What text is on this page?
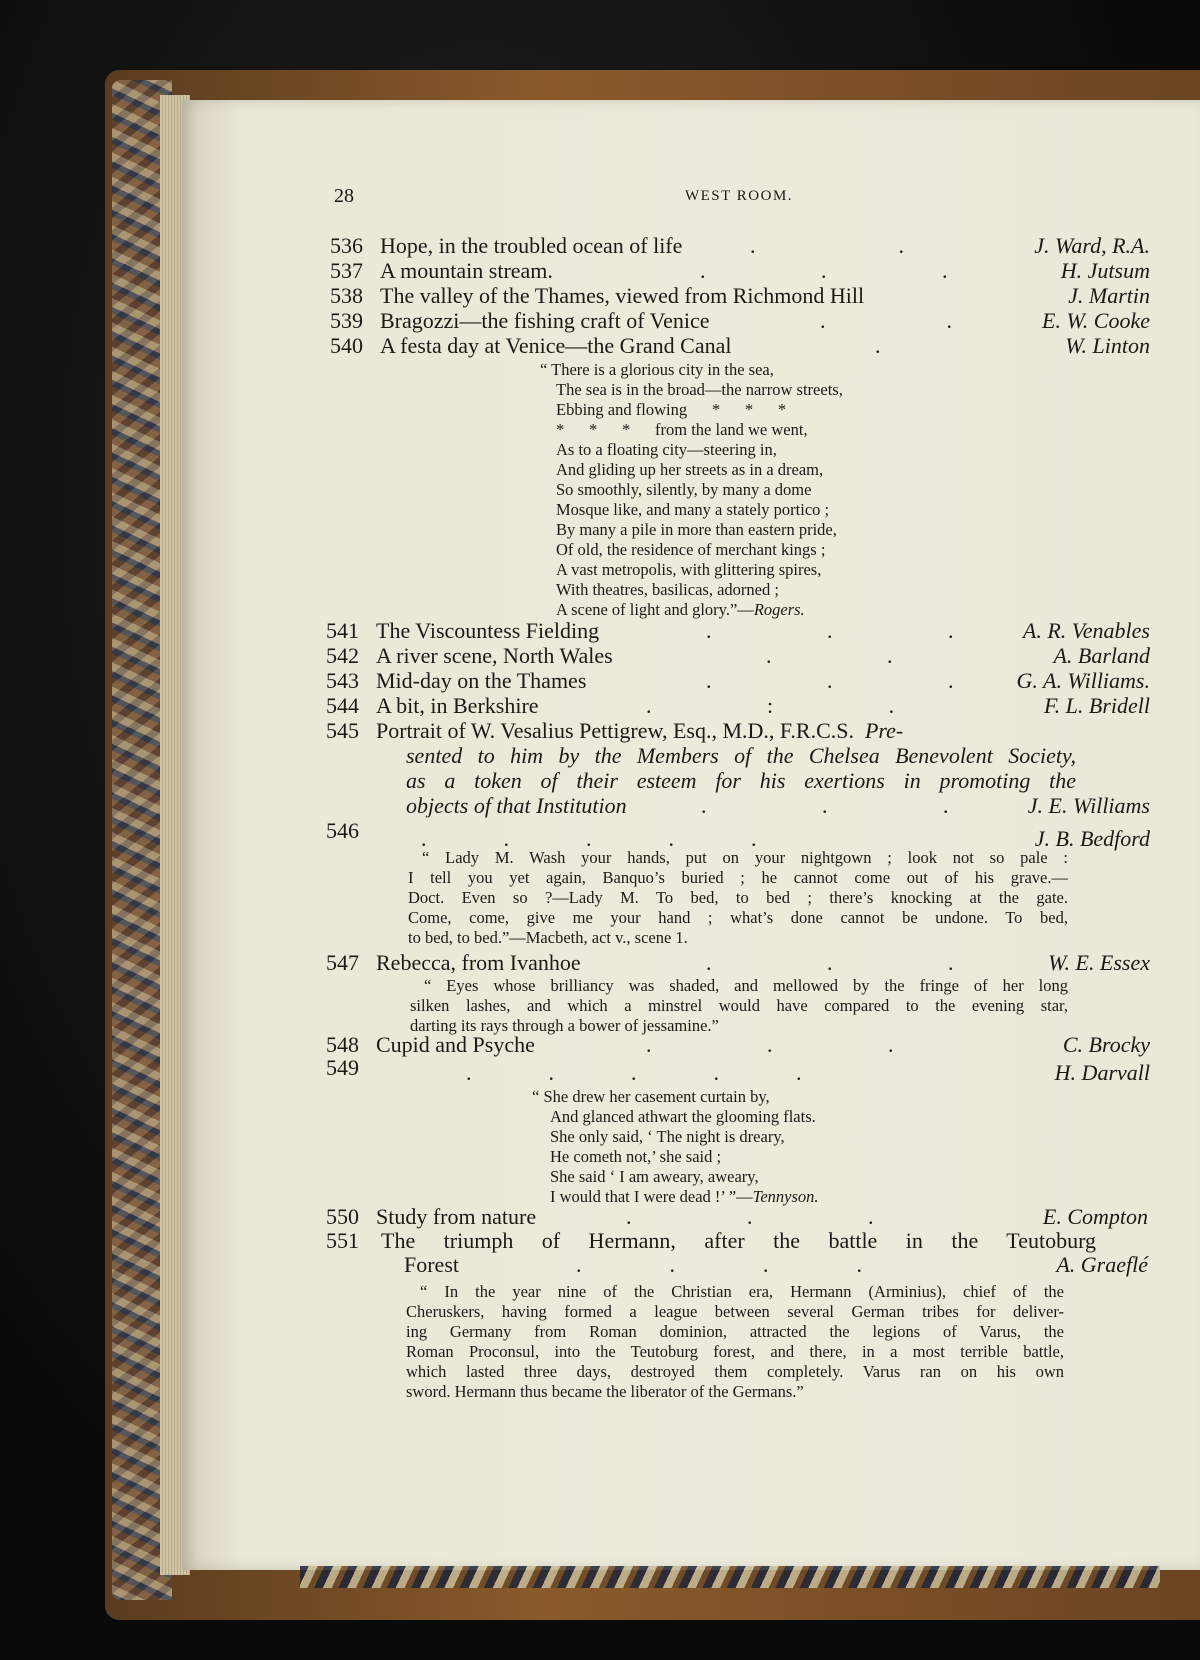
28	WEST ROOM.
536 Hope, in the troubled ocean of life	.                          .	J. Ward, R.A.
537 A mountain stream.	.                     .                     .	H. Jutsum
538 The valley of the Thames, viewed from Richmond Hill	J. Martin
539 Bragozzi—the fishing craft of Venice	.                      .	E. W. Cooke
540 A festa day at Venice—the Grand Canal	.	W. Linton
“ There is a glorious city in the sea,
The sea is in the broad—the narrow streets,
Ebbing and flowing      *      *      *
*      *      *      from the land we went,
As to a floating city—steering in,
And gliding up her streets as in a dream,
So smoothly, silently, by many a dome
Mosque like, and many a stately portico ;
By many a pile in more than eastern pride,
Of old, the residence of merchant kings ;
A vast metropolis, with glittering spires,
With theatres, basilicas, adorned ;
A scene of light and glory.”—Rogers.
541 The Viscountess Fielding	.                     .                     .	A. R. Venables
542 A river scene, North Wales	.                     .	A. Barland
543 Mid-day on the Thames	.                     .                     .	G. A. Williams.
544 A bit, in Berkshire	.                     :                     .	F. L. Bridell
545 Portrait of W. Vesalius Pettigrew, Esq., M.D., F.R.C.S. Pre-
sented to him by the Members of the Chelsea Benevolent Society,
as a token of their esteem for his exertions in promoting the
objects of that Institution	.                     .                     .	J. E. Williams
546	.              .              .              .              .	J. B. Bedford
“ Lady M. Wash your hands, put on your nightgown ; look not so pale :
I tell you yet again, Banquo’s buried ; he cannot come out of his grave.—
Doct. Even so ?—Lady M. To bed, to bed ; there’s knocking at the gate.
Come, come, give me your hand ; what’s done cannot be undone. To bed,
to bed, to bed.”—Macbeth, act v., scene 1.
547 Rebecca, from Ivanhoe	.                     .                     .	W. E. Essex
“ Eyes whose brilliancy was shaded, and mellowed by the fringe of her long
silken lashes, and which a minstrel would have compared to the evening star,
darting its rays through a bower of jessamine.”
548 Cupid and Psyche	.                     .                     .	C. Brocky
549	.              .              .              .              .	H. Darvall
“ She drew her casement curtain by,
And glanced athwart the glooming flats.
She only said, ‘ The night is dreary,
He cometh not,’ she said ;
She said ‘ I am aweary, aweary,
I would that I were dead !’ ”—Tennyson.
550 Study from nature	.                     .                     .	E. Compton
551 The triumph of Hermann, after the battle in the Teutoburg
Forest	.                .                .                .	A. Graeflé
“ In the year nine of the Christian era, Hermann (Arminius), chief of the
Cheruskers, having formed a league between several German tribes for deliver-
ing Germany from Roman dominion, attracted the legions of Varus, the
Roman Proconsul, into the Teutoburg forest, and there, in a most terrible battle,
which lasted three days, destroyed them completely. Varus ran on his own
sword. Hermann thus became the liberator of the Germans.”
